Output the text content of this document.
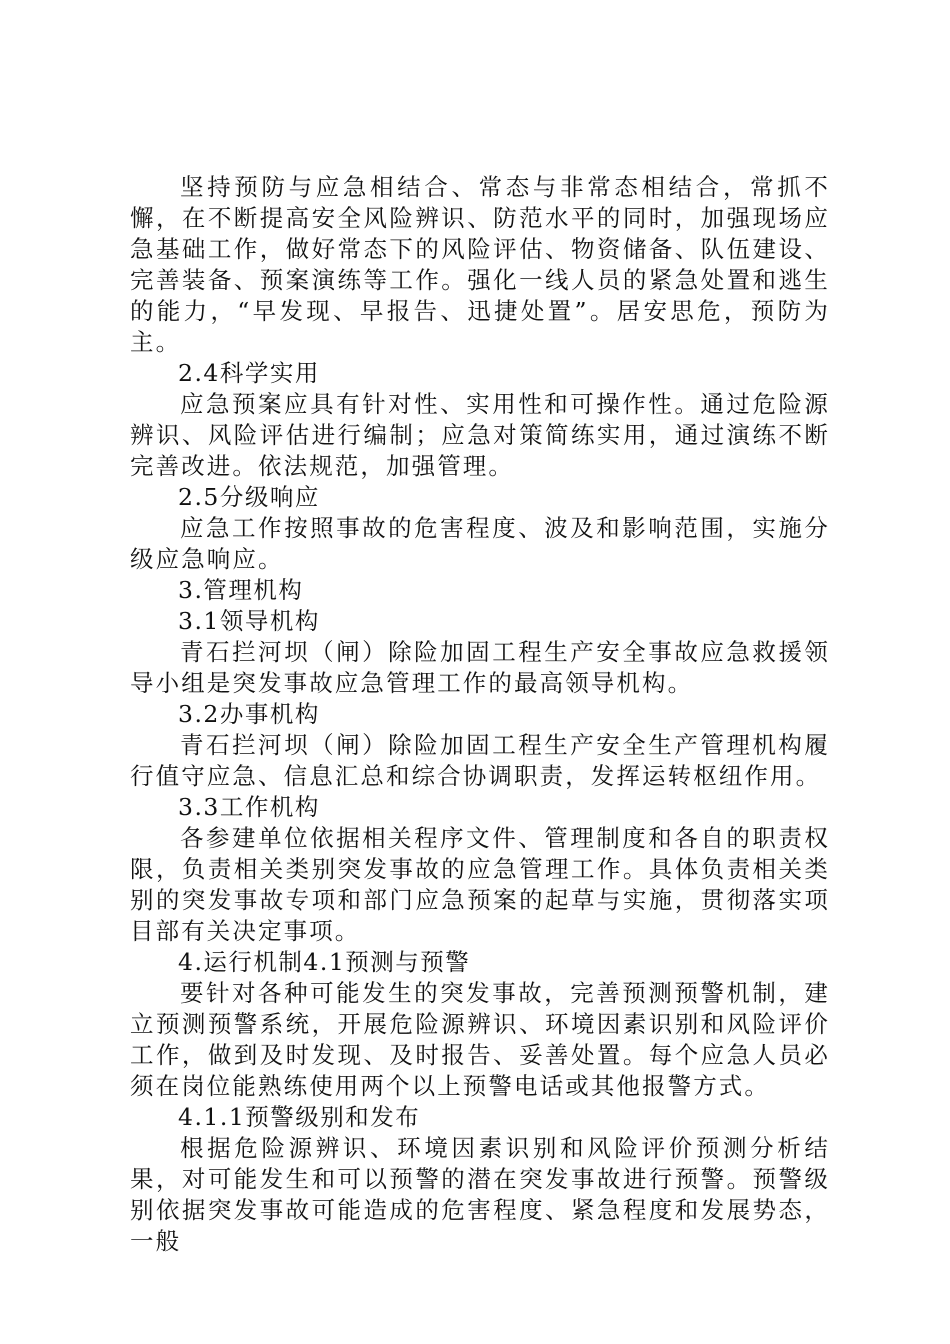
坚持预防与应急相结合、常态与非常态相结合，常抓不懈，在不断提高安全风险辨识、防范水平的同时，加强现场应急基础工作，做好常态下的风险评估、物资储备、队伍建设、完善装备、预案演练等工作。强化一线人员的紧急处置和逃生的能力，“早发现、早报告、迅捷处置”。居安思危，预防为主。

2.4科学实用

应急预案应具有针对性、实用性和可操作性。通过危险源辨识、风险评估进行编制；应急对策简练实用，通过演练不断完善改进。依法规范，加强管理。

2.5分级响应

应急工作按照事故的危害程度、波及和影响范围，实施分级应急响应。

3.管理机构

3.1领导机构

青石拦河坝（闸）除险加固工程生产安全事故应急救援领导小组是突发事故应急管理工作的最高领导机构。

3.2办事机构

青石拦河坝（闸）除险加固工程生产安全生产管理机构履行值守应急、信息汇总和综合协调职责，发挥运转枢纽作用。

3.3工作机构

各参建单位依据相关程序文件、管理制度和各自的职责权限，负责相关类别突发事故的应急管理工作。具体负责相关类别的突发事故专项和部门应急预案的起草与实施，贯彻落实项目部有关决定事项。

4.运行机制4.1预测与预警

要针对各种可能发生的突发事故，完善预测预警机制，建立预测预警系统，开展危险源辨识、环境因素识别和风险评价工作，做到及时发现、及时报告、妥善处置。每个应急人员必须在岗位能熟练使用两个以上预警电话或其他报警方式。

4.1.1预警级别和发布

根据危险源辨识、环境因素识别和风险评价预测分析结果，对可能发生和可以预警的潜在突发事故进行预警。预警级别依据突发事故可能造成的危害程度、紧急程度和发展势态，一般
